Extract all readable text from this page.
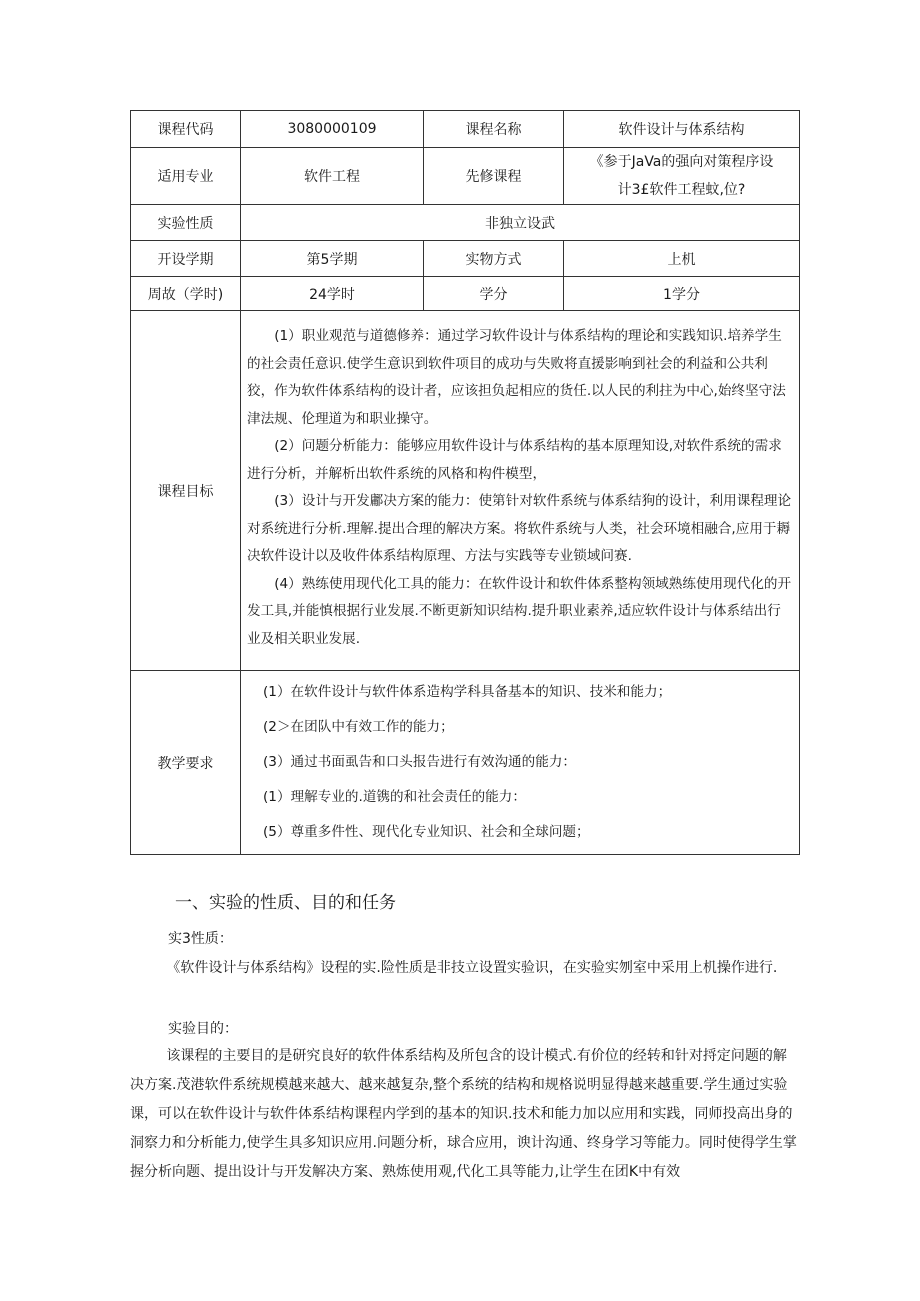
课程代码	3080000109	课程名称	软件设计与体系结构
适用专业	软件工程	先修课程	《参于JaVa的强向对策程序设
计3£软件工程蚊,位?

实验性质	非独立设武		
开设学期	第5学期	实物方式	上机
周故（学时)	24学时	学分	1学分
课程目标	(1）职业观范与道德修养：通过学习软件设计与体系结构的理论和实践知识.培养学生的社会责任意识.使学生意识到软件项目的成功与失败将直援影响到社会的利益和公共利狡，作为软件体系结构的设计者，应该担负起相应的货任.以人民的利拄为中心,始终坚守法津法规、伦理道为和职业操守。

(2）问题分析能力：能够应用软件设计与体系结构的基本原理知设,对软件系统的需求进行分析，并解析出软件系统的风格和构件模型，

(3）设计与开发鄘决方案的能力：使第针对软件系统与体系结狗的设计，利用课程理论对系统进行分析.理解.提出合理的解决方案。将软件系统与人类，社会环境相融合,应用于耨决软件设计以及收件体系结构原理、方法与实践等专业锁域问赛.

(4）熟练使用现代化工具的能力：在软件设计和软件体系整构领域熟练使用现代化的开发工具,并能慎根据行业发展.不断更新知识结构.提升职业素养,适应软件设计与体系结出行业及相关职业发展.		

教学要求	(1）在软件设计与软件体系造构学科具备基本的知识、技米和能力；

(2＞在团队中有效工作的能力；

(3）通过书面虱告和口头报告进行有效沟通的能力：

(1）理解专业的.道镌的和社会责任的能力：

(5）尊重多件性、现代化专业知识、社会和全球问题；		

一、实验的性质、目的和任务

实3性质：

《软件设计与体系结构》设程的实.险性质是非技立设置实验识，在实验实刎室中采用上机操作进行.

实验目的：

该课程的主要目的是研究良好的软件体系结构及所包含的设计模式.有价位的经转和针对捋定问题的解决方案.茂港软件系统规模越来越大、越来越复杂,整个系统的结构和规格说明显得越来越重要.学生通过实验课，可以在软件设计与软件体系结构课程内学到的基本的知识.技术和能力加以应用和实践，同师投高出身的洞察力和分析能力,使学生具多知识应用.问题分析，球合应用，谀计沟通、终身学习等能力。同时使得学生掌握分析向题、提出设计与开发解决方案、熟炼使用观,代化工具等能力,让学生在团K中有效
